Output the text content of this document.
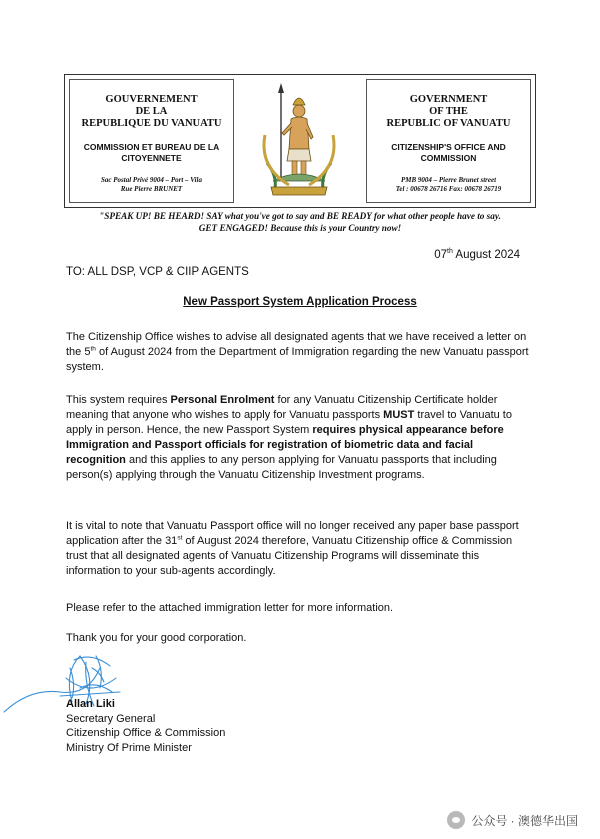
GOUVERNEMENT
DE LA
REPUBLIQUE DU VANUATU
COMMISSION ET BUREAU DE LA CITOYENNETE
Sac Postal Privé 9004 – Port – Vila
Rue Pierre BRUNET
GOVERNMENT
OF THE
REPUBLIC OF VANUATU
CITIZENSHIP'S OFFICE AND COMMISSION
PMB 9004 – Pierre Brunet street
Tel : 00678 26716 Fax: 00678 26719
"SPEAK UP! BE HEARD! SAY what you've got to say and BE READY for what other people have to say.
GET ENGAGED! Because this is your Country now!
07th August 2024
TO: ALL DSP, VCP & CIIP AGENTS
New Passport System Application Process
The Citizenship Office wishes to advise all designated agents that we have received a letter on the 5th of August 2024 from the Department of Immigration regarding the new Vanuatu passport system.
This system requires Personal Enrolment for any Vanuatu Citizenship Certificate holder meaning that anyone who wishes to apply for Vanuatu passports MUST travel to Vanuatu to apply in person. Hence, the new Passport System requires physical appearance before Immigration and Passport officials for registration of biometric data and facial recognition and this applies to any person applying for Vanuatu passports that including person(s) applying through the Vanuatu Citizenship Investment programs.
It is vital to note that Vanuatu Passport office will no longer received any paper base passport application after the 31st of August 2024 therefore, Vanuatu Citizenship office & Commission trust that all designated agents of Vanuatu Citizenship Programs will disseminate this information to your sub-agents accordingly.
Please refer to the attached immigration letter for more information.
Thank you for your good corporation.
Allan Liki
Secretary General
Citizenship Office & Commission
Ministry Of Prime Minister
公众号 · 澳德华出国
